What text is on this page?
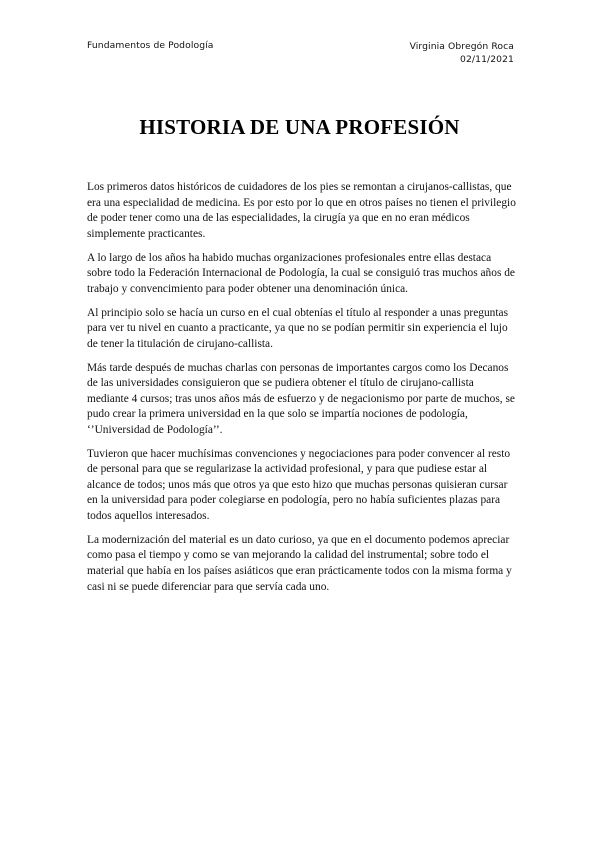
Fundamentos de Podología	Virginia Obregón Roca
02/11/2021
HISTORIA DE UNA PROFESIÓN

Los primeros datos históricos de cuidadores de los pies se remontan a cirujanos-callistas, que era una especialidad de medicina. Es por esto por lo que en otros países no tienen el privilegio de poder tener como una de las especialidades, la cirugía ya que en no eran médicos simplemente practicantes.

A lo largo de los años ha habido muchas organizaciones profesionales entre ellas destaca sobre todo la Federación Internacional de Podología, la cual se consiguió tras muchos años de trabajo y convencimiento para poder obtener una denominación única.

Al principio solo se hacía un curso en el cual obtenías el título al responder a unas preguntas para ver tu nivel en cuanto a practicante, ya que no se podían permitir sin experiencia el lujo de tener la titulación de cirujano-callista.

Más tarde después de muchas charlas con personas de importantes cargos como los Decanos de las universidades consiguieron que se pudiera obtener el título de cirujano-callista mediante 4 cursos; tras unos años más de esfuerzo y de negacionismo por parte de muchos, se pudo crear la primera universidad en la que solo se impartía nociones de podología, ‘’Universidad de Podología’’.

Tuvieron que hacer muchísimas convenciones y negociaciones para poder convencer al resto de personal para que se regularizase la actividad profesional, y para que pudiese estar al alcance de todos; unos más que otros ya que esto hizo que muchas personas quisieran cursar en la universidad para poder colegiarse en podología, pero no había suficientes plazas para todos aquellos interesados.

La modernización del material es un dato curioso, ya que en el documento podemos apreciar como pasa el tiempo y como se van mejorando la calidad del instrumental; sobre todo el material que había en los países asiáticos que eran prácticamente todos con la misma forma y casi ni se puede diferenciar para que servía cada uno.
